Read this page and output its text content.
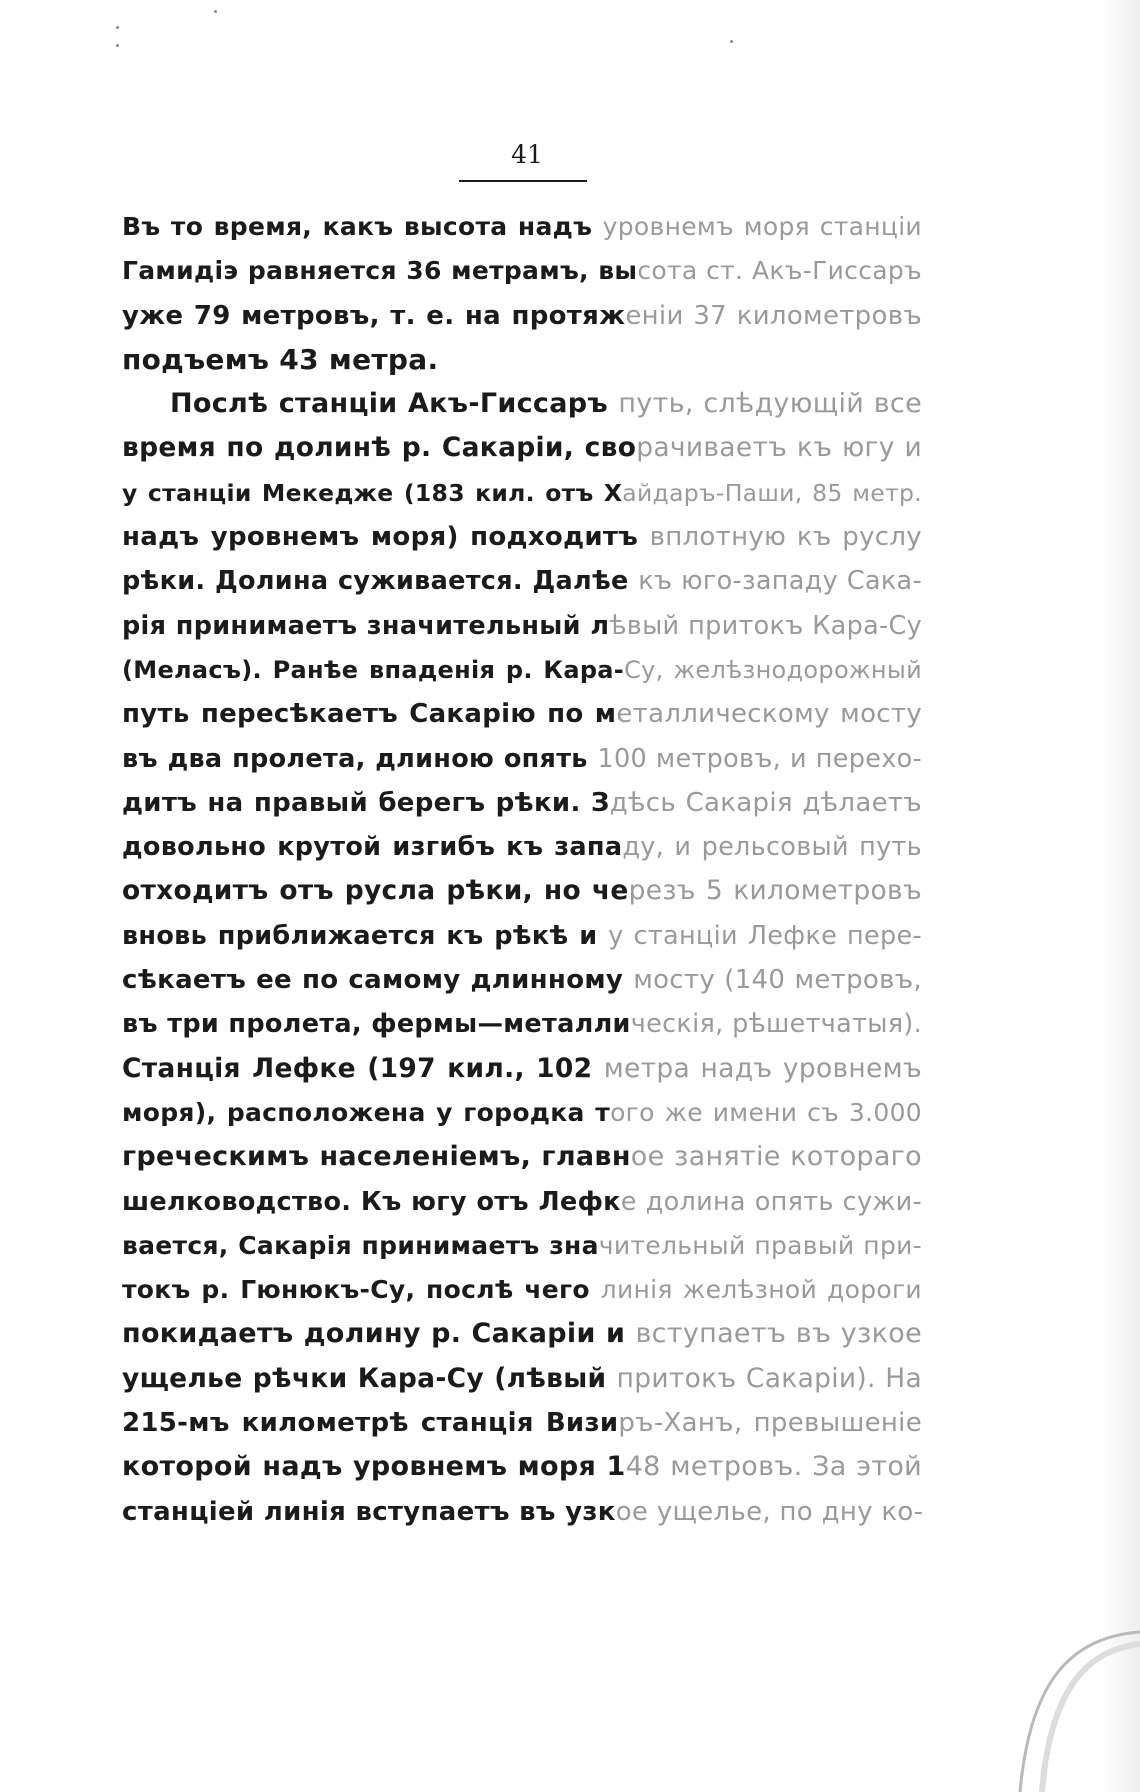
41
Въ то время, какъ высота надъ уровнемъ моря станціи
Гамидіэ равняется 36 метрамъ, высота ст. Акъ-Гиссаръ
уже 79 метровъ, т. е. на протяженіи 37 километровъ
подъемъ 43 метра.
Послѣ станціи Акъ-Гиссаръ путь, слѣдующій все
время по долинѣ р. Сакаріи, сворачиваетъ къ югу и
у станціи Мекедже (183 кил. отъ Хайдаръ-Паши, 85 метр.
надъ уровнемъ моря) подходитъ вплотную къ руслу
рѣки. Долина суживается. Далѣе къ юго-западу Сака-
рія принимаетъ значительный лѣвый притокъ Кара-Су
(Меласъ). Ранѣе впаденія р. Кара-Су, желѣзнодорожный
путь пересѣкаетъ Сакарію по металлическому мосту
въ два пролета, длиною опять 100 метровъ, и перехо-
дитъ на правый берегъ рѣки. Здѣсь Сакарія дѣлаетъ
довольно крутой изгибъ къ западу, и рельсовый путь
отходитъ отъ русла рѣки, но черезъ 5 километровъ
вновь приближается къ рѣкѣ и у станціи Лефке пере-
сѣкаетъ ее по самому длинному мосту (140 метровъ,
въ три пролета, фермы—металлическія, рѣшетчатыя).
Станція Лефке (197 кил., 102 метра надъ уровнемъ
моря), расположена у городка того же имени съ 3.000
греческимъ населеніемъ, главное занятіе котораго
шелководство. Къ югу отъ Лефке долина опять сужи-
вается, Сакарія принимаетъ значительный правый при-
токъ р. Гюнюкъ-Су, послѣ чего линія желѣзной дороги
покидаетъ долину р. Сакаріи и вступаетъ въ узкое
ущелье рѣчки Кара-Су (лѣвый притокъ Сакаріи). На
215-мъ километрѣ станція Визиръ-Ханъ, превышеніе
которой надъ уровнемъ моря 148 метровъ. За этой
станцiей линія вступаетъ въ узкое ущелье, по дну ко-
